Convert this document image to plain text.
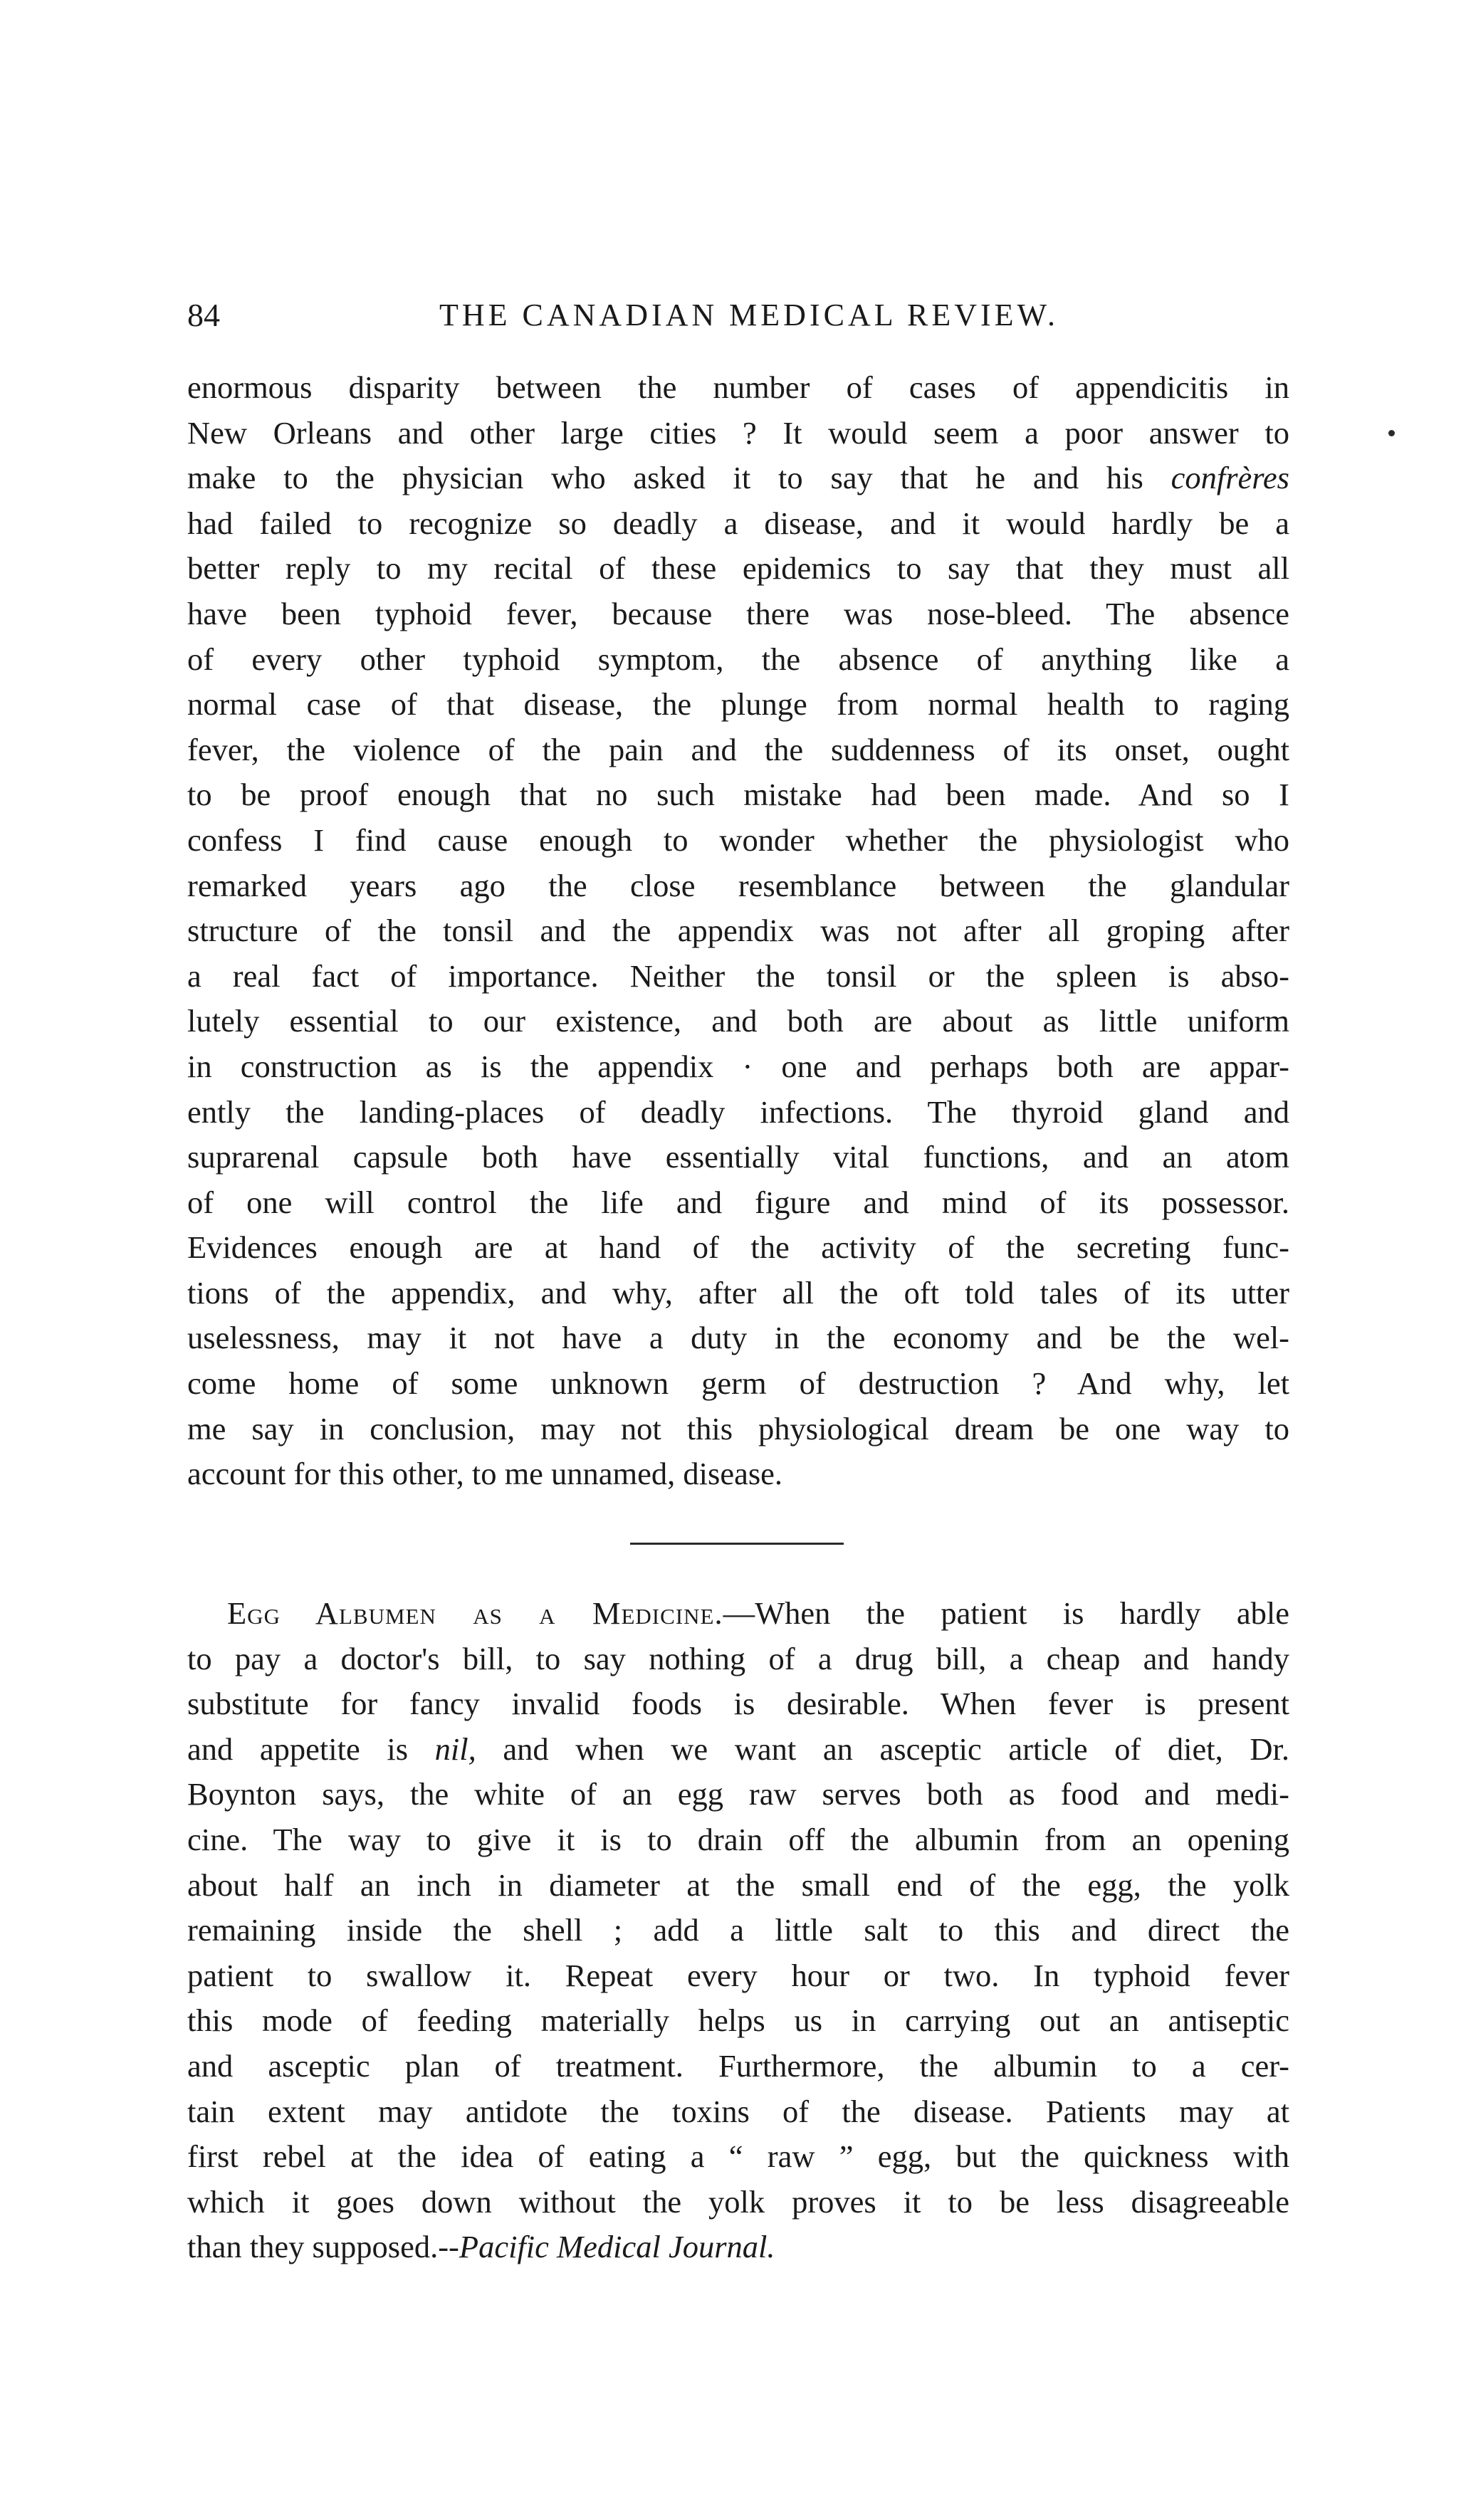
84	THE CANADIAN MEDICAL REVIEW.
enormous disparity between the number of cases of appendicitis in
New Orleans and other large cities ? It would seem a poor answer to
make to the physician who asked it to say that he and his confrères
had failed to recognize so deadly a disease, and it would hardly be a
better reply to my recital of these epidemics to say that they must all
have been typhoid fever, because there was nose-bleed. The absence
of every other typhoid symptom, the absence of anything like a
normal case of that disease, the plunge from normal health to raging
fever, the violence of the pain and the suddenness of its onset, ought
to be proof enough that no such mistake had been made. And so I
confess I find cause enough to wonder whether the physiologist who
remarked years ago the close resemblance between the glandular
structure of the tonsil and the appendix was not after all groping after
a real fact of importance. Neither the tonsil or the spleen is abso-
lutely essential to our existence, and both are about as little uniform
in construction as is the appendix · one and perhaps both are appar-
ently the landing-places of deadly infections. The thyroid gland and
suprarenal capsule both have essentially vital functions, and an atom
of one will control the life and figure and mind of its possessor.
Evidences enough are at hand of the activity of the secreting func-
tions of the appendix, and why, after all the oft told tales of its utter
uselessness, may it not have a duty in the economy and be the wel-
come home of some unknown germ of destruction ? And why, let
me say in conclusion, may not this physiological dream be one way to
account for this other, to me unnamed, disease.
Egg Albumen as a Medicine.—When the patient is hardly able
to pay a doctor's bill, to say nothing of a drug bill, a cheap and handy
substitute for fancy invalid foods is desirable. When fever is present
and appetite is nil, and when we want an asceptic article of diet, Dr.
Boynton says, the white of an egg raw serves both as food and medi-
cine. The way to give it is to drain off the albumin from an opening
about half an inch in diameter at the small end of the egg, the yolk
remaining inside the shell ; add a little salt to this and direct the
patient to swallow it. Repeat every hour or two. In typhoid fever
this mode of feeding materially helps us in carrying out an antiseptic
and asceptic plan of treatment. Furthermore, the albumin to a cer-
tain extent may antidote the toxins of the disease. Patients may at
first rebel at the idea of eating a “ raw ” egg, but the quickness with
which it goes down without the yolk proves it to be less disagreeable
than they supposed.--Pacific Medical Journal.
